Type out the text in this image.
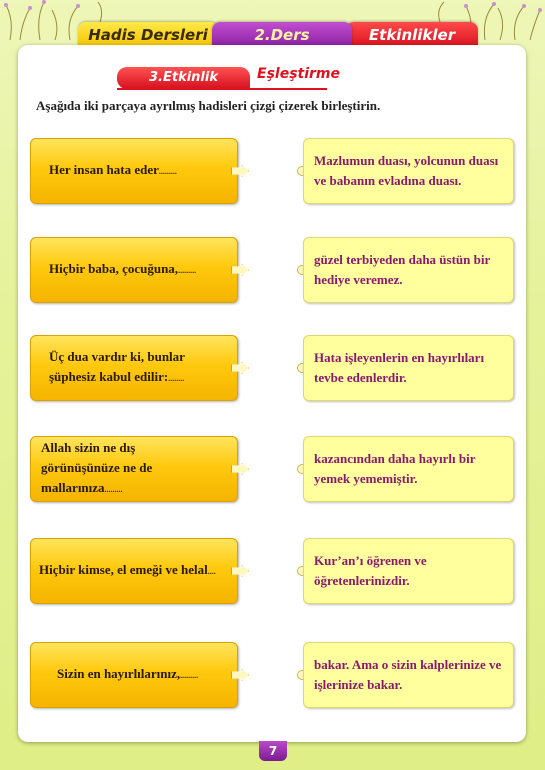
Hadis Dersleri	Etkinlikler
2.Ders
3.Etkinlik	Eşleştirme
Aşağıda iki parçaya ayrılmış hadisleri çizgi çizerek birleştirin.
Her insan hata eder.........
Mazlumun duası, yolcunun duası ve babanın evladına duası.
Hiçbir baba, çocuğuna,.........
güzel terbiyeden daha üstün bir hediye veremez.
Üç dua vardır ki, bunlar şüphesiz kabul edilir:........
Hata işleyenlerin en hayırlıları tevbe edenlerdir.
Allah sizin ne dış görünüşünüze ne de mallarınıza.........
kazancından daha hayırlı bir yemek yememiştir.
Hiçbir kimse, el emeği ve helal....
Kur’an’ı öğrenen ve öğretenlerinizdir.
Sizin en hayırlılarınız,.........
bakar. Ama o sizin kalplerinize ve işlerinize bakar.
7
